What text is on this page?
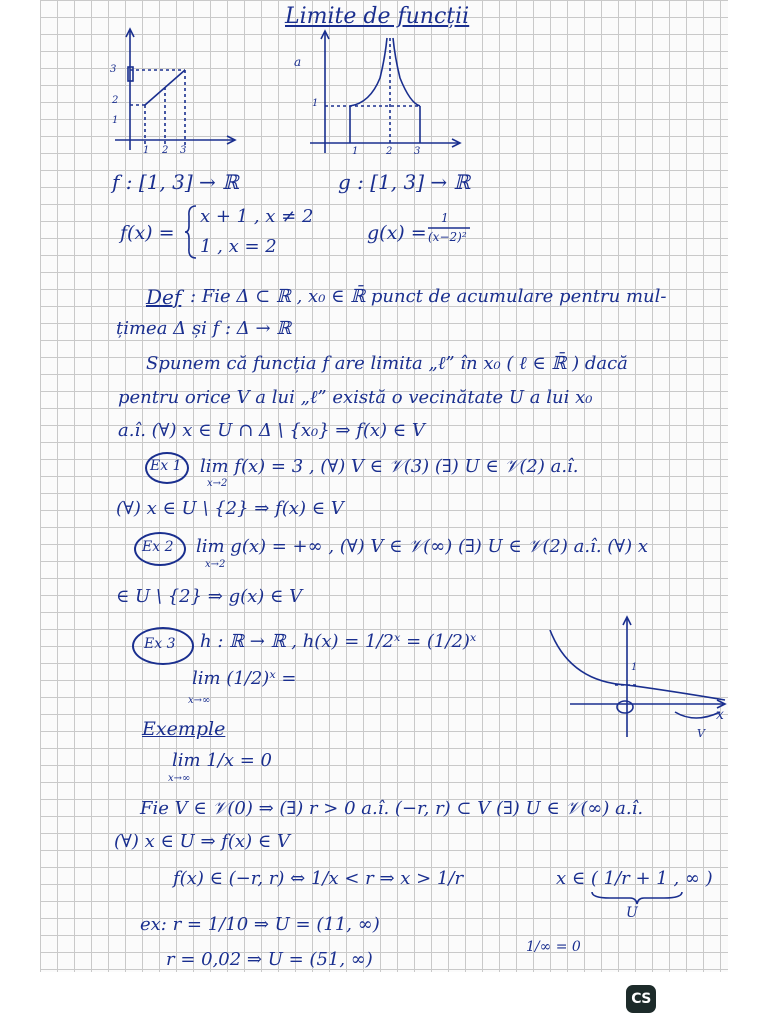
Limite de funcții
3
2
1
1 2 3
a
1
1	2 3
f : [1, 3] → ℝ	g : [1, 3] → ℝ
f(x) =
x + 1 , x ≠ 2
1 , x = 2
g(x) =
1
(x−2)²
Def : Fie Δ ⊂ ℝ , x₀ ∈ ℝ̄ punct de acumulare pentru mul-
țimea Δ și f : Δ → ℝ
Spunem că funcția f are limita „ℓ” în x₀ ( ℓ ∈ ℝ̄ ) dacă
pentru orice V a lui „ℓ” există o vecinătate U a lui x₀
a.î. (∀) x ∈ U ∩ Δ \ {x₀} ⇒ f(x) ∈ V
Ex 1 lim f(x) = 3 , (∀) V ∈ 𝒱(3) (∃) U ∈ 𝒱(2) a.î.
x→2
(∀) x ∈ U \ {2} ⇒ f(x) ∈ V
Ex 2 lim g(x) = +∞ , (∀) V ∈ 𝒱(∞) (∃) U ∈ 𝒱(2) a.î. (∀) x
x→2
∈ U \ {2} ⇒ g(x) ∈ V
Ex 3 h : ℝ → ℝ , h(x) = 1/2ˣ = (1/2)ˣ
lim (1/2)ˣ =
x→∞
1
x
V
Exemple
lim 1/x = 0
x→∞
Fie V ∈ 𝒱(0) ⇒ (∃) r > 0 a.î. (−r, r) ⊂ V (∃) U ∈ 𝒱(∞) a.î.
(∀) x ∈ U ⇒ f(x) ∈ V
f(x) ∈ (−r, r) ⇔ 1/x < r ⇒ x > 1/r	x ∈ ( 1/r + 1 , ∞ )
U
ex: r = 1/10 ⇒ U = (11, ∞)
r = 0,02 ⇒ U = (51, ∞)
1/∞ = 0
CS
